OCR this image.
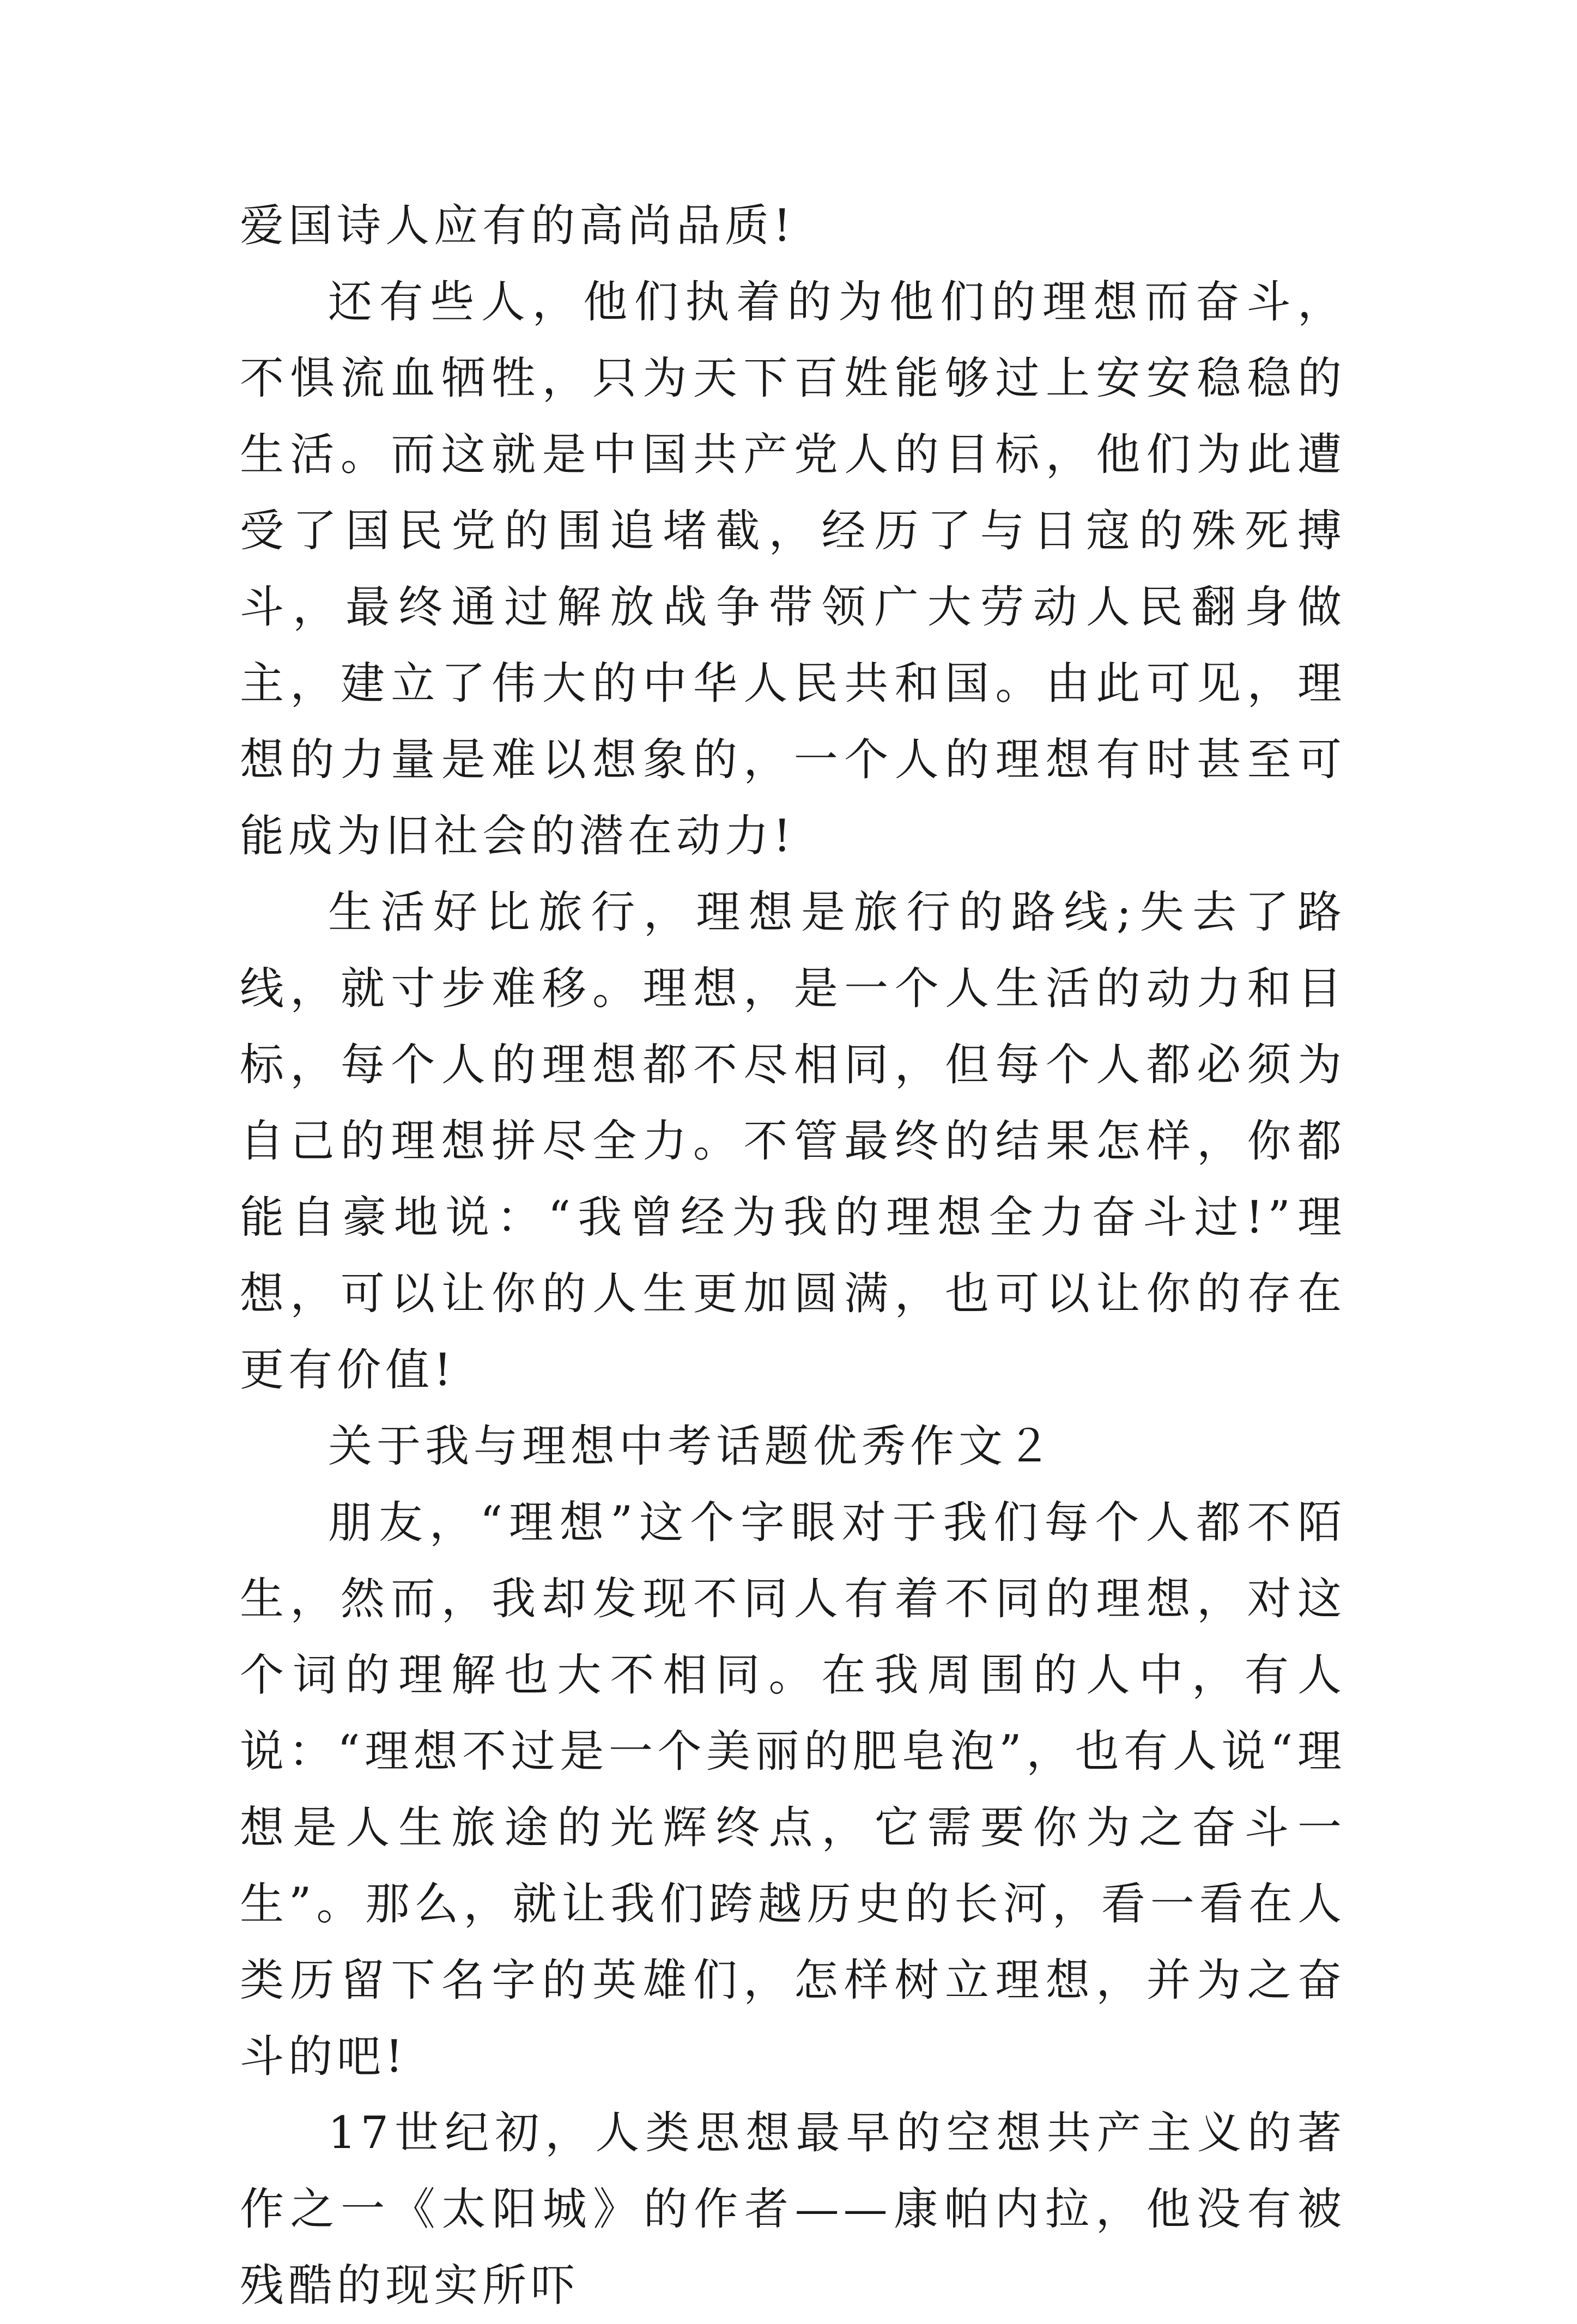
爱国诗人应有的高尚品质!

还有些人，他们执着的为他们的理想而奋斗，不惧流血牺牲，只为天下百姓能够过上安安稳稳的生活。而这就是中国共产党人的目标，他们为此遭受了国民党的围追堵截，经历了与日寇的殊死搏斗，最终通过解放战争带领广大劳动人民翻身做主，建立了伟大的中华人民共和国。由此可见，理想的力量是难以想象的，一个人的理想有时甚至可能成为旧社会的潜在动力!

生活好比旅行，理想是旅行的路线;失去了路线，就寸步难移。理想，是一个人生活的动力和目标，每个人的理想都不尽相同，但每个人都必须为自己的理想拼尽全力。不管最终的结果怎样，你都能自豪地说：“我曾经为我的理想全力奋斗过!”理想，可以让你的人生更加圆满，也可以让你的存在更有价值!

关于我与理想中考话题优秀作文２

朋友，“理想”这个字眼对于我们每个人都不陌生，然而，我却发现不同人有着不同的理想，对这个词的理解也大不相同。在我周围的人中，有人说：“理想不过是一个美丽的肥皂泡”，也有人说“理想是人生旅途的光辉终点，它需要你为之奋斗一生”。那么，就让我们跨越历史的长河，看一看在人类历留下名字的英雄们，怎样树立理想，并为之奋斗的吧!

17世纪初，人类思想最早的空想共产主义的著作之一《太阳城》的作者——康帕内拉，他没有被残酷的现实所吓
